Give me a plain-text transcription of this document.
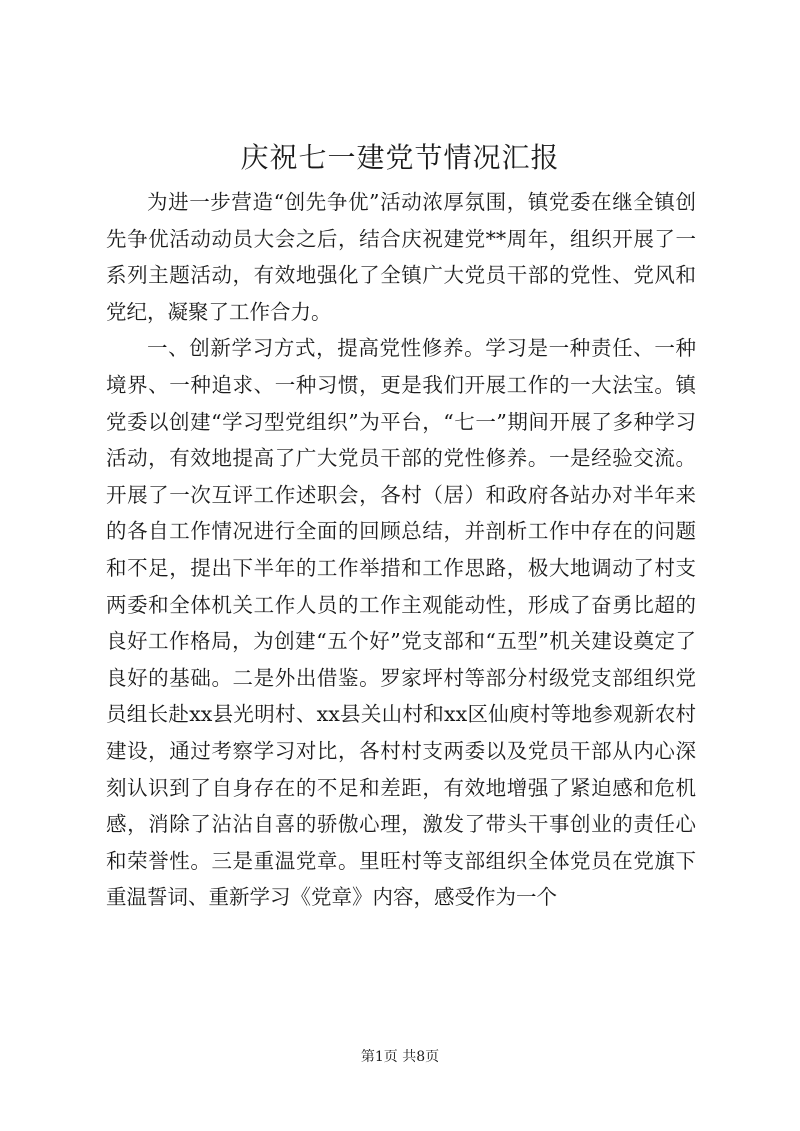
庆祝七一建党节情况汇报

为进一步营造“创先争优”活动浓厚氛围，镇党委在继全镇创先争优活动动员大会之后，结合庆祝建党**周年，组织开展了一系列主题活动，有效地强化了全镇广大党员干部的党性、党风和党纪，凝聚了工作合力。

一、创新学习方式，提高党性修养。学习是一种责任、一种境界、一种追求、一种习惯，更是我们开展工作的一大法宝。镇党委以创建“学习型党组织”为平台，“七一”期间开展了多种学习活动，有效地提高了广大党员干部的党性修养。一是经验交流。开展了一次互评工作述职会，各村（居）和政府各站办对半年来的各自工作情况进行全面的回顾总结，并剖析工作中存在的问题和不足，提出下半年的工作举措和工作思路，极大地调动了村支两委和全体机关工作人员的工作主观能动性，形成了奋勇比超的良好工作格局，为创建“五个好”党支部和“五型”机关建设奠定了良好的基础。二是外出借鉴。罗家坪村等部分村级党支部组织党员组长赴xx县光明村、xx县关山村和xx区仙庾村等地参观新农村建设，通过考察学习对比，各村村支两委以及党员干部从内心深刻认识到了自身存在的不足和差距，有效地增强了紧迫感和危机感，消除了沾沾自喜的骄傲心理，激发了带头干事创业的责任心和荣誉性。三是重温党章。里旺村等支部组织全体党员在党旗下重温誓词、重新学习《党章》内容，感受作为一个

第1页 共8页
